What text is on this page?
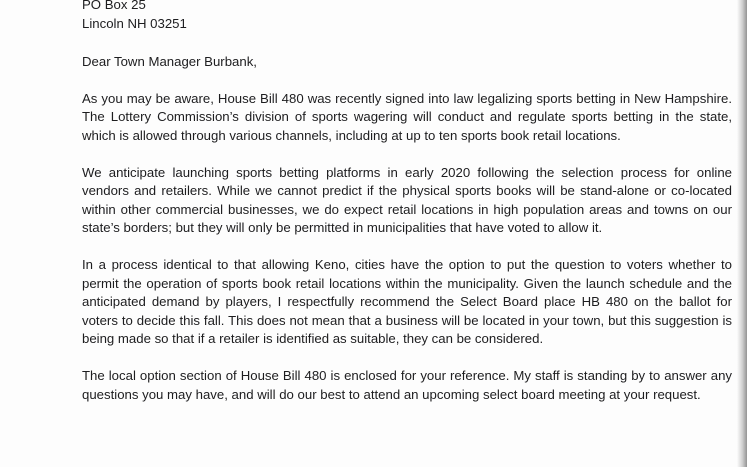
PO Box 25
Lincoln NH 03251
Dear Town Manager Burbank,
As you may be aware, House Bill 480 was recently signed into law legalizing sports betting in New Hampshire. The Lottery Commission’s division of sports wagering will conduct and regulate sports betting in the state, which is allowed through various channels, including at up to ten sports book retail locations.
We anticipate launching sports betting platforms in early 2020 following the selection process for online vendors and retailers. While we cannot predict if the physical sports books will be stand-alone or co-located within other commercial businesses, we do expect retail locations in high population areas and towns on our state’s borders; but they will only be permitted in municipalities that have voted to allow it.
In a process identical to that allowing Keno, cities have the option to put the question to voters whether to permit the operation of sports book retail locations within the municipality. Given the launch schedule and the anticipated demand by players, I respectfully recommend the Select Board place HB 480 on the ballot for voters to decide this fall. This does not mean that a business will be located in your town, but this suggestion is being made so that if a retailer is identified as suitable, they can be considered.
The local option section of House Bill 480 is enclosed for your reference. My staff is standing by to answer any questions you may have, and will do our best to attend an upcoming select board meeting at your request.
